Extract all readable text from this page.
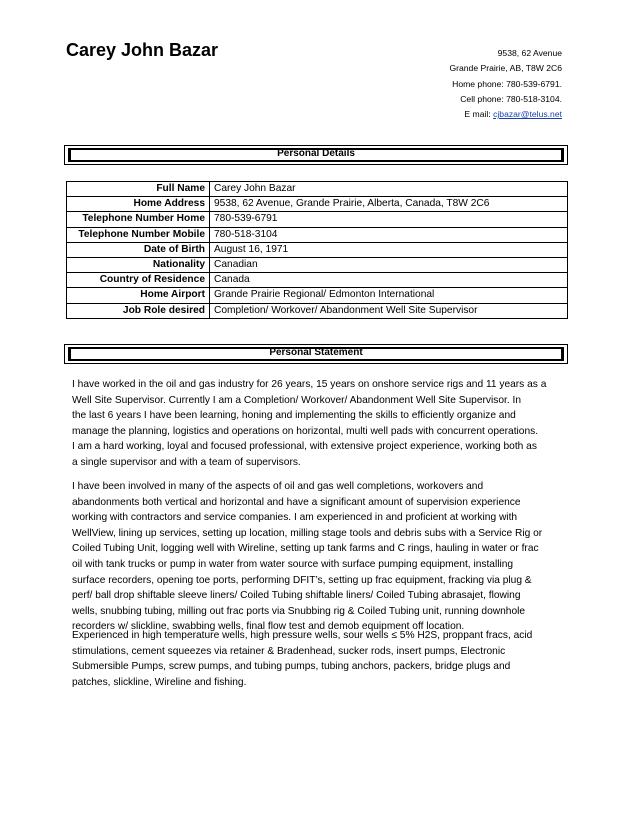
Carey John Bazar	9538, 62 Avenue
Grande Prairie, AB, T8W 2C6
Home phone: 780-539-6791.
Cell phone: 780-518-3104.
E mail: cjbazar@telus.net
Personal Details
Full Name	Carey John Bazar
Home Address	9538, 62 Avenue, Grande Prairie, Alberta, Canada, T8W 2C6
Telephone Number Home	780-539-6791
Telephone Number Mobile	780-518-3104
Date of Birth	August 16, 1971
Nationality	Canadian
Country of Residence	Canada
Home Airport	Grande Prairie Regional/ Edmonton International
Job Role desired	Completion/ Workover/ Abandonment Well Site Supervisor
Personal Statement
I have worked in the oil and gas industry for 26 years, 15 years on onshore service rigs and 11 years as a
Well Site Supervisor. Currently I am a Completion/ Workover/ Abandonment Well Site Supervisor. In
the last 6 years I have been learning, honing and implementing the skills to efficiently organize and
manage the planning, logistics and operations on horizontal, multi well pads with concurrent operations.
I am a hard working, loyal and focused professional, with extensive project experience, working both as
a single supervisor and with a team of supervisors.
I have been involved in many of the aspects of oil and gas well completions, workovers and
abandonments both vertical and horizontal and have a significant amount of supervision experience
working with contractors and service companies. I am experienced in and proficient at working with
WellView, lining up services, setting up location, milling stage tools and debris subs with a Service Rig or
Coiled Tubing Unit, logging well with Wireline, setting up tank farms and C rings, hauling in water or frac
oil with tank trucks or pump in water from water source with surface pumping equipment, installing
surface recorders, opening toe ports, performing DFIT’s, setting up frac equipment, fracking via plug &
perf/ ball drop shiftable sleeve liners/ Coiled Tubing shiftable liners/ Coiled Tubing abrasajet, flowing
wells, snubbing tubing, milling out frac ports via Snubbing rig & Coiled Tubing unit, running downhole
recorders w/ slickline, swabbing wells, final flow test and demob equipment off location.
Experienced in high temperature wells, high pressure wells, sour wells ≤ 5% H2S, proppant fracs, acid
stimulations, cement squeezes via retainer & Bradenhead, sucker rods, insert pumps, Electronic
Submersible Pumps, screw pumps, and tubing pumps, tubing anchors, packers, bridge plugs and
patches, slickline, Wireline and fishing.
